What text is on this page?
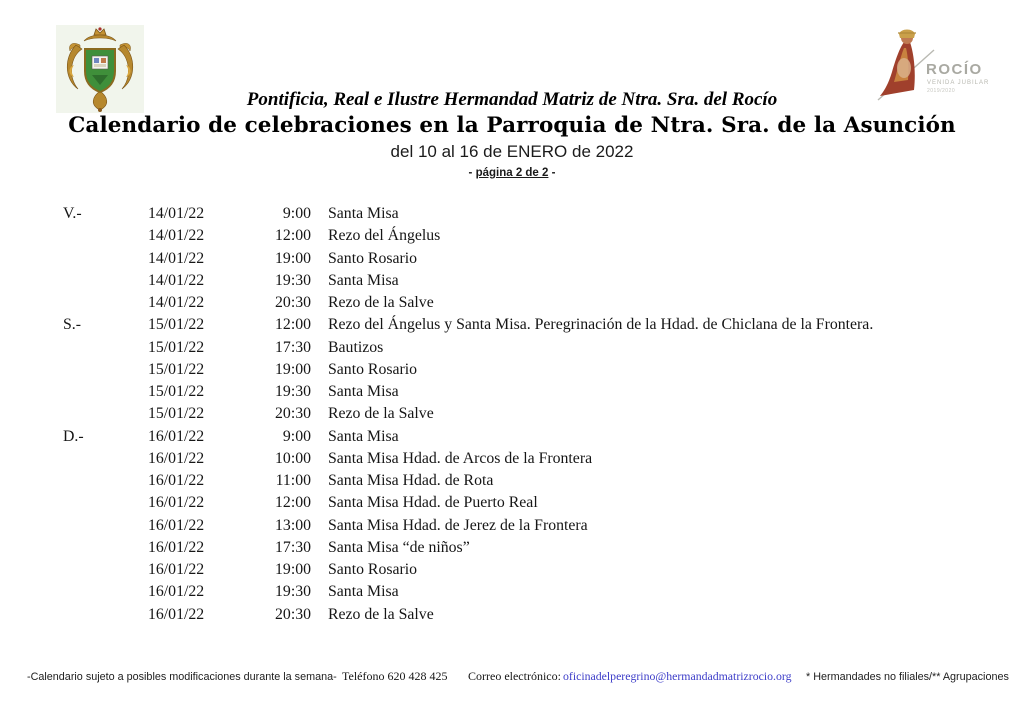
ROCÍO
VENIDA JUBILAR
2019/2020
Pontificia, Real e Ilustre Hermandad Matriz de Ntra. Sra. del Rocío
Calendario de celebraciones en la Parroquia de Ntra. Sra. de la Asunción
del 10 al 16 de ENERO de 2022
- página 2 de 2 -
V.-	14/01/22	9:00	Santa Misa
	14/01/22	12:00	Rezo del Ángelus
	14/01/22	19:00	Santo Rosario
	14/01/22	19:30	Santa Misa
	14/01/22	20:30	Rezo de la Salve
S.-	15/01/22	12:00	Rezo del Ángelus y Santa Misa. Peregrinación de la Hdad. de Chiclana de la Frontera.
	15/01/22	17:30	Bautizos
	15/01/22	19:00	Santo Rosario
	15/01/22	19:30	Santa Misa
	15/01/22	20:30	Rezo de la Salve
D.-	16/01/22	9:00	Santa Misa
	16/01/22	10:00	Santa Misa Hdad. de Arcos de la Frontera
	16/01/22	11:00	Santa Misa Hdad. de Rota
	16/01/22	12:00	Santa Misa Hdad. de Puerto Real
	16/01/22	13:00	Santa Misa Hdad. de Jerez de la Frontera
	16/01/22	17:30	Santa Misa “de niños”
	16/01/22	19:00	Santo Rosario
	16/01/22	19:30	Santa Misa
	16/01/22	20:30	Rezo de la Salve
-Calendario sujeto a posibles modificaciones durante la semana- Teléfono 620 428 425 Correo electrónico: oficinadelperegrino@hermandadmatrizrocio.org * Hermandades no filiales/** Agrupaciones
